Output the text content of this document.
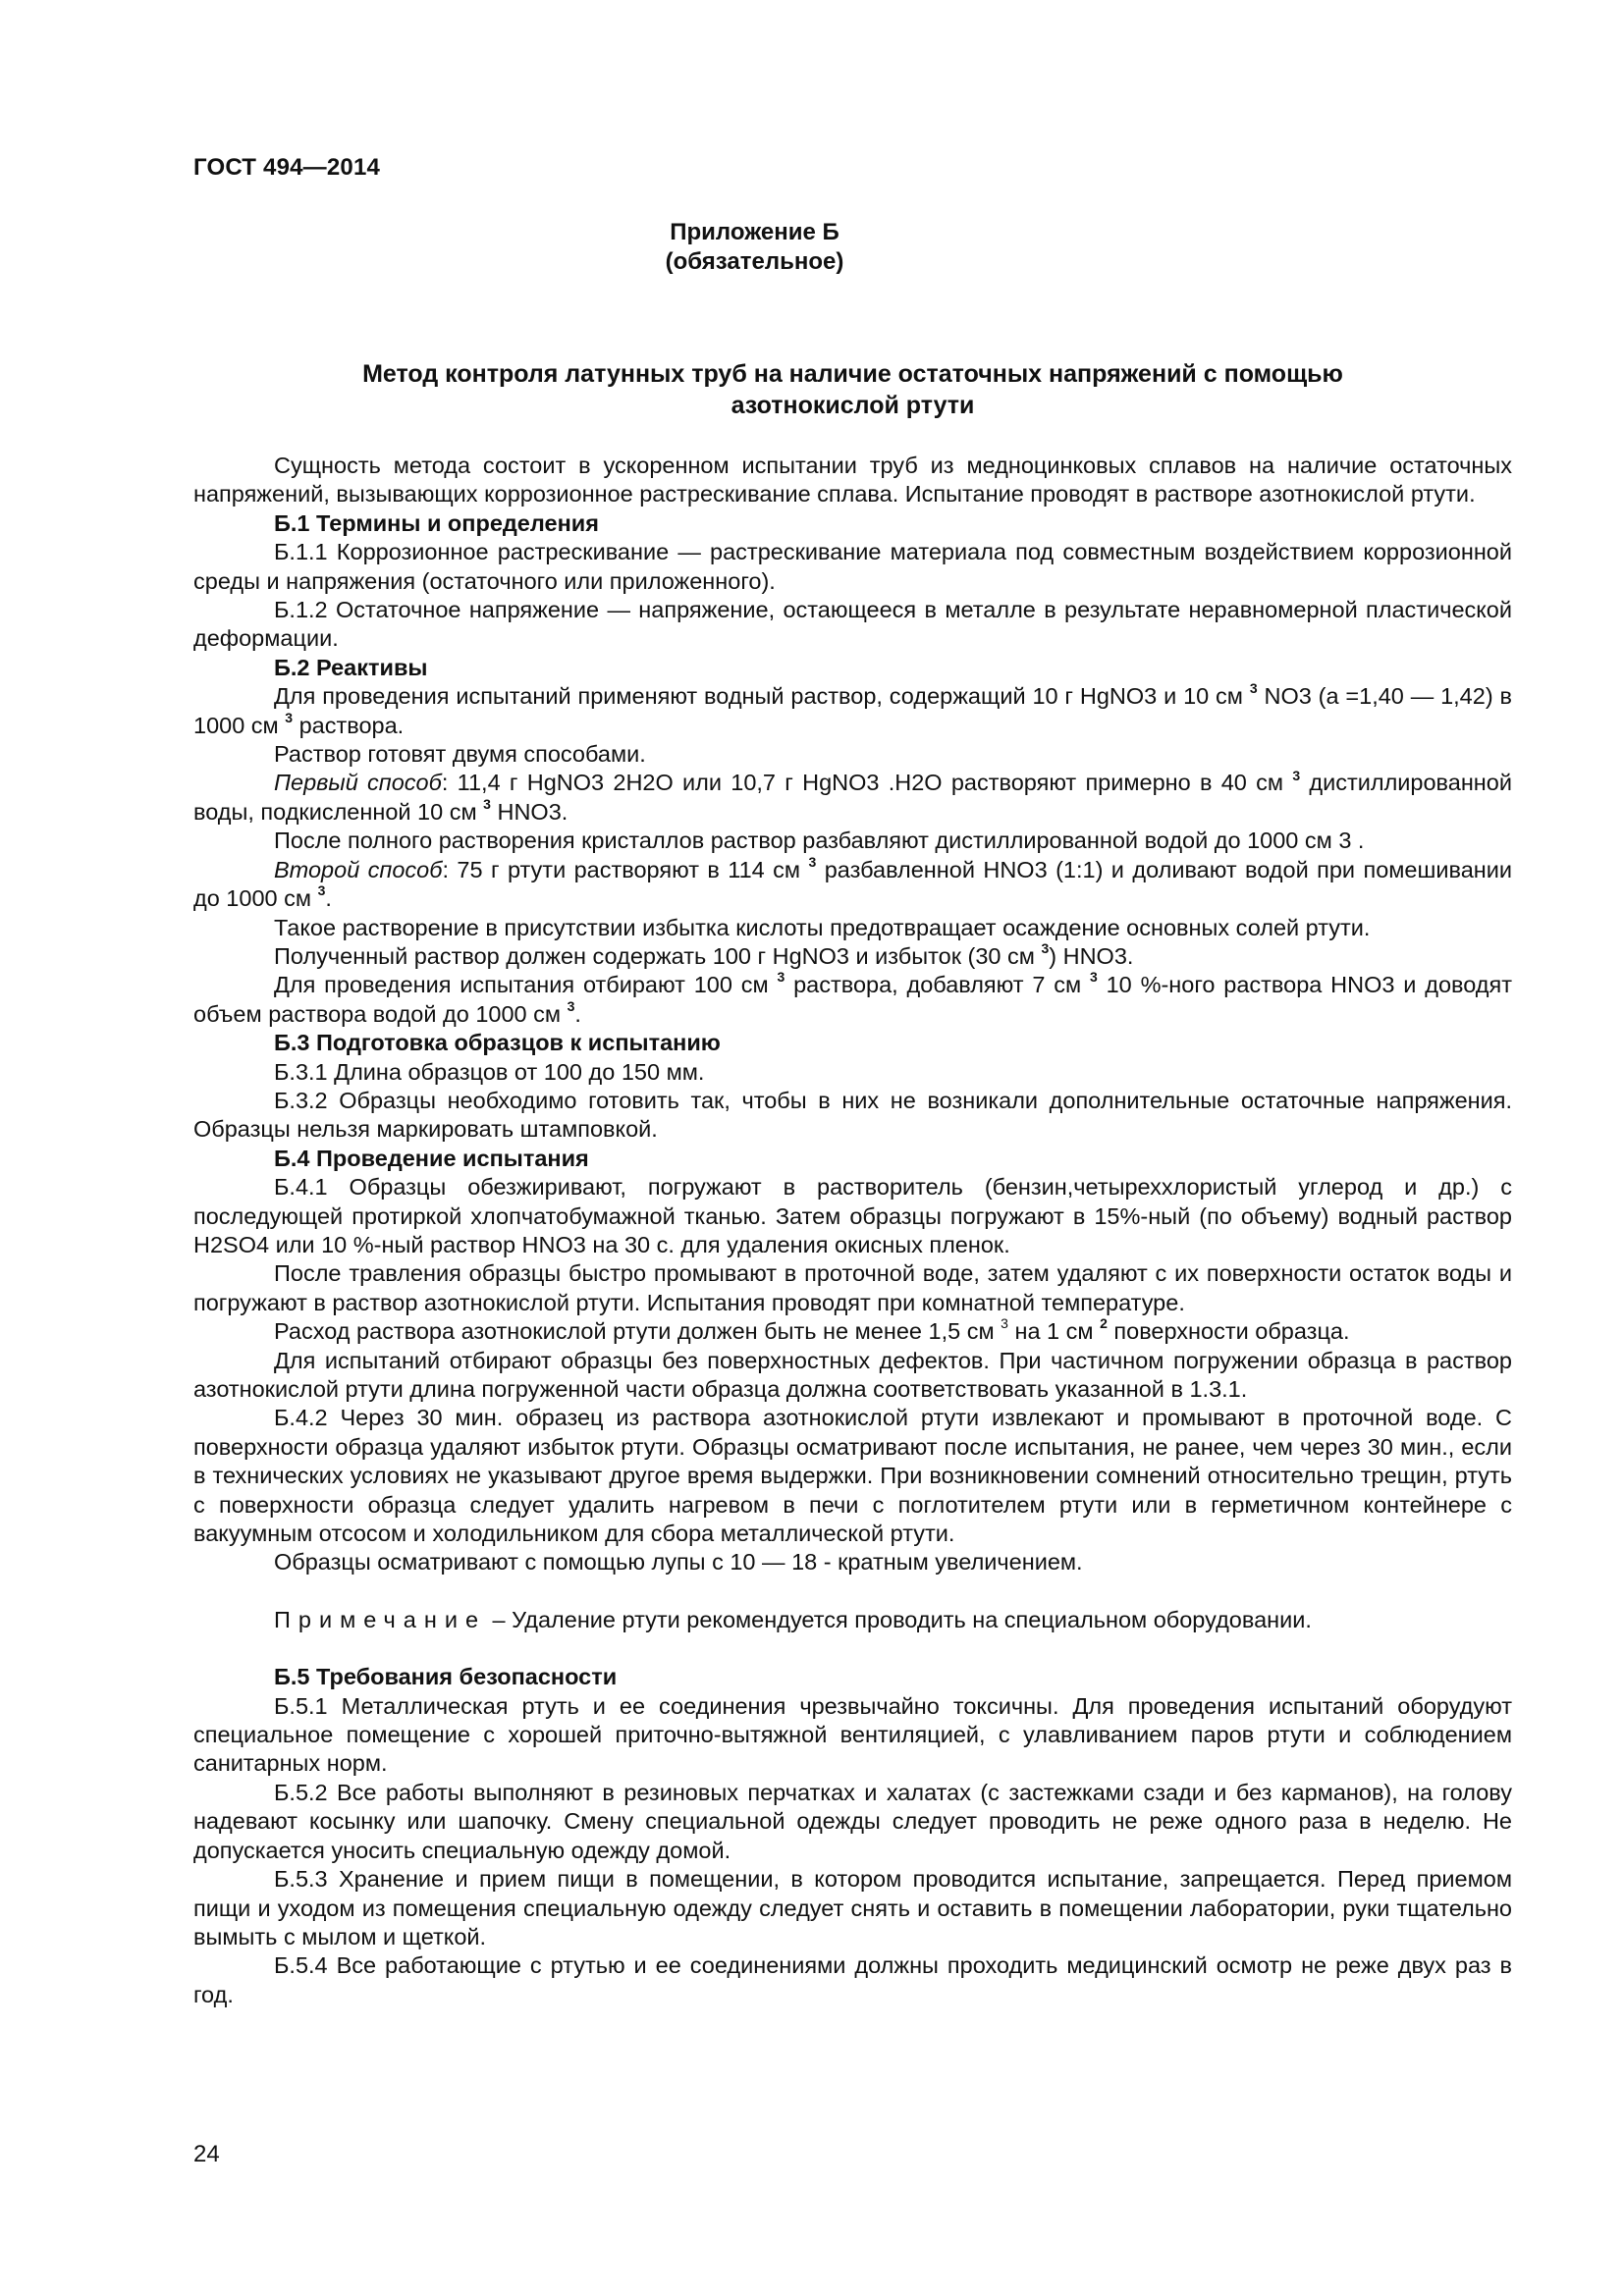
ГОСТ 494—2014
Приложение Б
(обязательное)
Метод контроля латунных труб на наличие остаточных напряжений с помощью
азотнокислой ртути

Сущность метода состоит в ускоренном испытании труб из медноцинковых сплавов на наличие остаточных напряжений, вызывающих коррозионное растрескивание сплава. Испытание проводят в растворе азотнокислой ртути.

Б.1 Термины и определения

Б.1.1 Коррозионное растрескивание — растрескивание материала под совместным воздействием коррозионной среды и напряжения (остаточного или приложенного).

Б.1.2 Остаточное напряжение — напряжение, остающееся в металле в результате неравномерной пластической деформации.

Б.2 Реактивы

Для проведения испытаний применяют водный раствор, содержащий 10 г HgNO3 и 10 см $^3$ NO3 (а =1,40 — 1,42) в 1000 см $^3$ раствора.

Раствор готовят двумя способами.

Первый способ: 11,4 г HgNO3 2H2O или 10,7 г HgNO3 .H2O растворяют примерно в 40 см $^3$ дистиллированной воды, подкисленной 10 см $^3$ HNO3.

После полного растворения кристаллов раствор разбавляют дистиллированной водой до 1000 см 3 .

Второй способ: 75 г ртути растворяют в 114 см $^3$ разбавленной HNO3 (1:1) и доливают водой при помешивании до 1000 см $^3$.

Такое растворение в присутствии избытка кислоты предотвращает осаждение основных солей ртути.

Полученный раствор должен содержать 100 г HgNO3 и избыток (30 см $^3$) HNO3.

Для проведения испытания отбирают 100 см $^3$ раствора, добавляют 7 см $^3$ 10 %-ного раствора HNO3 и доводят объем раствора водой до 1000 см $^3$.

Б.3 Подготовка образцов к испытанию

Б.3.1 Длина образцов от 100 до 150 мм.

Б.3.2 Образцы необходимо готовить так, чтобы в них не возникали дополнительные остаточные напряжения. Образцы нельзя маркировать штамповкой.

Б.4 Проведение испытания

Б.4.1 Образцы обезжиривают, погружают в растворитель (бензин,четыреххлористый углерод и др.) с последующей протиркой хлопчатобумажной тканью. Затем образцы погружают в 15%-ный (по объему) водный раствор H2SO4 или 10 %-ный раствор HNO3 на 30 с. для удаления окисных пленок.

После травления образцы быстро промывают в проточной воде, затем удаляют с их поверхности остаток воды и погружают в раствор азотнокислой ртути. Испытания проводят при комнатной температуре.

Расход раствора азотнокислой ртути должен быть не менее 1,5 см $^3$ на 1 см $^2$ поверхности образца.

Для испытаний отбирают образцы без поверхностных дефектов. При частичном погружении образца в раствор азотнокислой ртути длина погруженной части образца должна соответствовать указанной в 1.3.1.

Б.4.2 Через 30 мин. образец из раствора азотнокислой ртути извлекают и промывают в проточной воде. С поверхности образца удаляют избыток ртути. Образцы осматривают после испытания, не ранее, чем через 30 мин., если в технических условиях не указывают другое время выдержки. При возникновении сомнений относительно трещин, ртуть с поверхности образца следует удалить нагревом в печи с поглотителем ртути или в герметичном контейнере с вакуумным отсосом и холодильником для сбора металлической ртути.

Образцы осматривают с помощью лупы с 10 — 18 - кратным увеличением.

Примечание – Удаление ртути рекомендуется проводить на специальном оборудовании.

Б.5 Требования безопасности

Б.5.1 Металлическая ртуть и ее соединения чрезвычайно токсичны. Для проведения испытаний оборудуют специальное помещение с хорошей приточно-вытяжной вентиляцией, с улавливанием паров ртути и соблюдением санитарных норм.

Б.5.2 Все работы выполняют в резиновых перчатках и халатах (с застежками сзади и без карманов), на голову надевают косынку или шапочку. Смену специальной одежды следует проводить не реже одного раза в неделю. Не допускается уносить специальную одежду домой.

Б.5.3 Хранение и прием пищи в помещении, в котором проводится испытание, запрещается. Перед приемом пищи и уходом из помещения специальную одежду следует снять и оставить в помещении лаборатории, руки тщательно вымыть с мылом и щеткой.

Б.5.4 Все работающие с ртутью и ее соединениями должны проходить медицинский осмотр не реже двух раз в год.

24
